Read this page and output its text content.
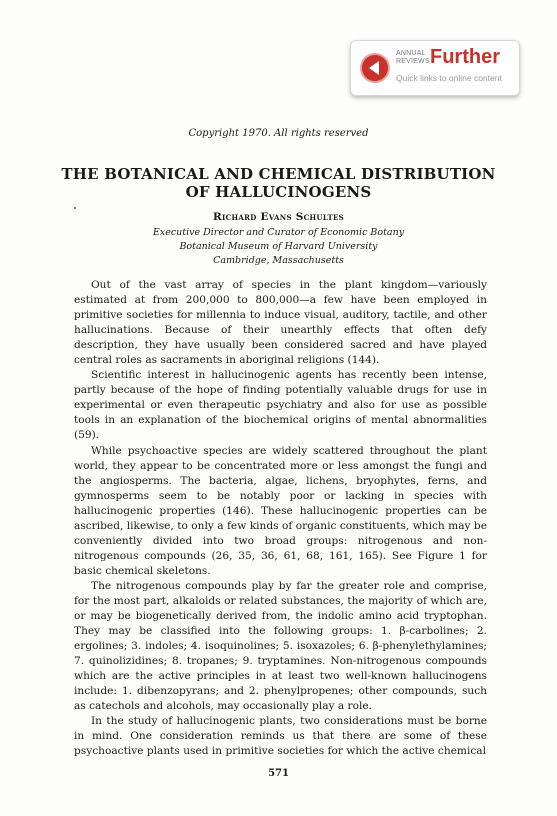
ANNUAL
REVIEWS Further
Quick links to online content
Copyright 1970. All rights reserved
THE BOTANICAL AND CHEMICAL DISTRIBUTION
OF HALLUCINOGENS
Richard Evans Schultes
Executive Director and Curator of Economic Botany
Botanical Museum of Harvard University
Cambridge, Massachusetts

Out of the vast array of species in the plant kingdom—variously estimated at from 200,000 to 800,000—a few have been employed in primitive societies for millennia to induce visual, auditory, tactile, and other hallucinations. Because of their unearthly effects that often defy description, they have usually been considered sacred and have played central roles as sacraments in aboriginal religions (144).

Scientific interest in hallucinogenic agents has recently been intense, partly because of the hope of finding potentially valuable drugs for use in experimental or even therapeutic psychiatry and also for use as possible tools in an explanation of the biochemical origins of mental abnormalities (59).

While psychoactive species are widely scattered throughout the plant world, they appear to be concentrated more or less amongst the fungi and the angiosperms. The bacteria, algae, lichens, bryophytes, ferns, and gymnosperms seem to be notably poor or lacking in species with hallucinogenic properties (146). These hallucinogenic properties can be ascribed, likewise, to only a few kinds of organic constituents, which may be conveniently divided into two broad groups: nitrogenous and non-nitrogenous compounds (26, 35, 36, 61, 68, 161, 165). See Figure 1 for basic chemical skeletons.

The nitrogenous compounds play by far the greater role and comprise, for the most part, alkaloids or related substances, the majority of which are, or may be biogenetically derived from, the indolic amino acid tryptophan. They may be classified into the following groups: 1. β-carbolines; 2. ergolines; 3. indoles; 4. isoquinolines; 5. isoxazoles; 6. β-phenylethylamines; 7. quinolizidines; 8. tropanes; 9. tryptamines. Non-nitrogenous compounds which are the active principles in at least two well-known hallucinogens include: 1. dibenzopyrans; and 2. phenylpropenes; other compounds, such as catechols and alcohols, may occasionally play a role.

In the study of hallucinogenic plants, two considerations must be borne in mind. One consideration reminds us that there are some of these psychoactive plants used in primitive societies for which the active chemical

571
